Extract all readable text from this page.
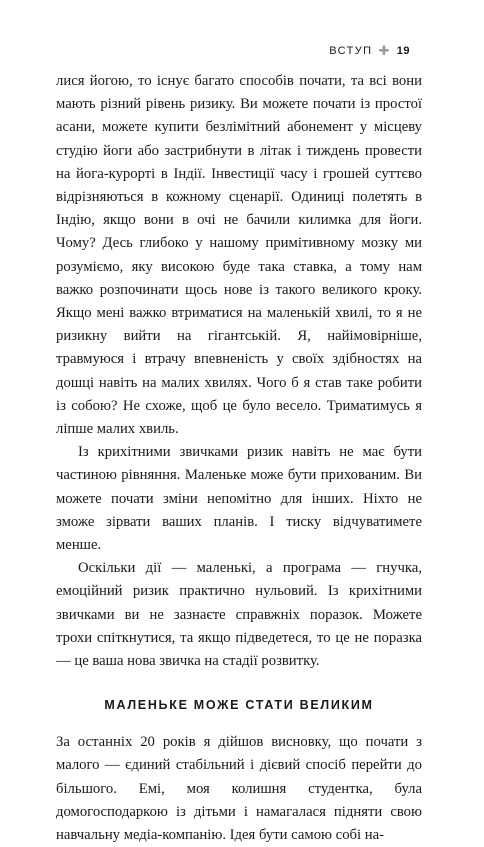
ВСТУП ✚ 19

лися йогою, то існує багато способів почати, та всі вони мають різний рівень ризику. Ви можете почати із простої асани, можете купити безлімітний абонемент у місцеву студію йоги або застрибнути в літак і тиждень провести на йога-курорті в Індії. Інвестиції часу і грошей суттєво відрізняються в кожному сценарії. Одиниці полетять в Індію, якщо вони в очі не бачили килимка для йоги. Чому? Десь глибоко у нашому примітивному мозку ми розуміємо, яку високою буде така ставка, а тому нам важко розпочинати щось нове із такого великого кроку. Якщо мені важко втриматися на маленькій хвилі, то я не ризикну вийти на гігантській. Я, найімовірніше, травмуюся і втрачу впевненість у своїх здібностях на дошці навіть на малих хвилях. Чого б я став таке робити із собою? Не схоже, щоб це було весело. Триматимусь я ліпше малих хвиль.

Із крихітними звичками ризик навіть не має бути частиною рівняння. Маленьке може бути прихованим. Ви можете почати зміни непомітно для інших. Ніхто не зможе зірвати ваших планів. І тиску відчуватимете менше.

Оскільки дії — маленькі, а програма — гнучка, емоційний ризик практично нульовий. Із крихітними звичками ви не зазнаєте справжніх поразок. Можете трохи спіткнутися, та якщо підведетеся, то це не поразка — це ваша нова звичка на стадії розвитку.

МАЛЕНЬКЕ МОЖЕ СТАТИ ВЕЛИКИМ

За останніх 20 років я дійшов висновку, що почати з малого — єдиний стабільний і дієвий спосіб перейти до більшого. Емі, моя колишня студентка, була домогосподаркою із дітьми і намагалася підняти свою навчальну медіа-компанію. Ідея бути самою собі на-
